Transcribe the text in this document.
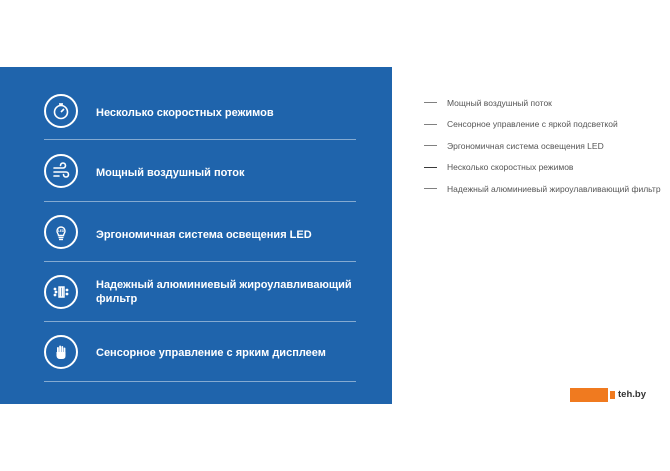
Несколько скоростных режимов
Мощный воздушный поток
LED	Эргономичная система освещения LED
Надежный алюминиевый жироулавливающий фильтр
Сенсорное управление с ярким дисплеем
Мощный воздушный поток
Сенсорное управление с яркой подсветкой
Эргономичная система освещения LED
Несколько скоростных режимов
Надежный алюминиевый жироулавливающий фильтр
teh.by
